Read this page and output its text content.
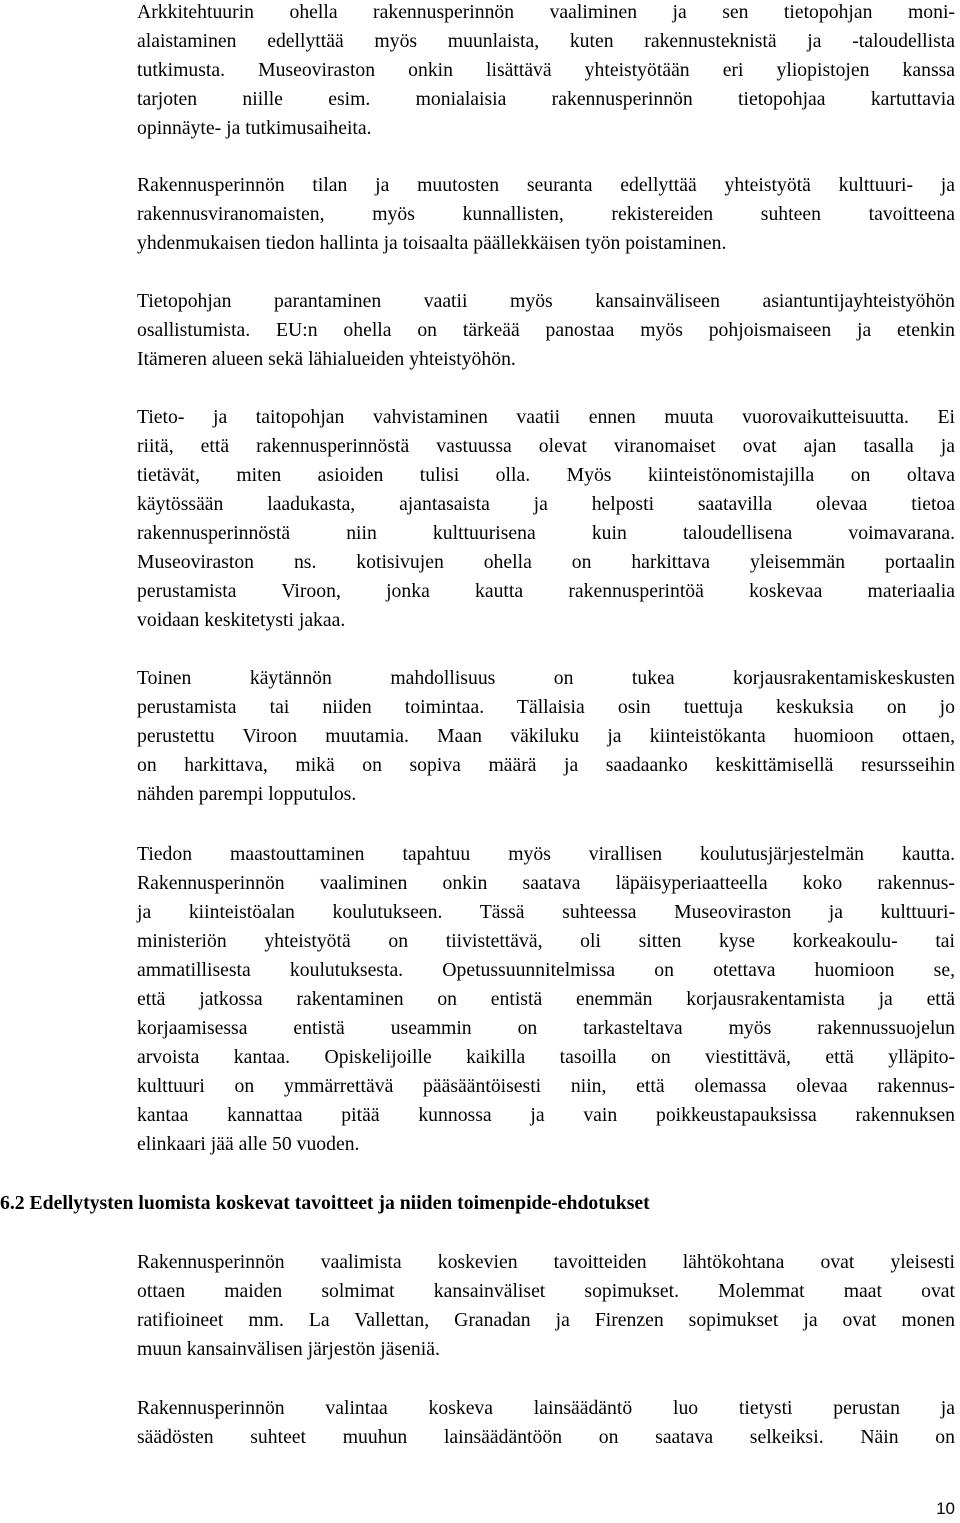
Arkkitehtuurin ohella rakennusperinnön vaaliminen ja sen tietopohjan moni-
alaistaminen edellyttää myös muunlaista, kuten rakennusteknistä ja -taloudellista
tutkimusta. Museoviraston onkin lisättävä yhteistyötään eri yliopistojen kanssa
tarjoten niille esim. monialaisia rakennusperinnön tietopohjaa kartuttavia
opinnäyte- ja tutkimusaiheita.
Rakennusperinnön tilan ja muutosten seuranta edellyttää yhteistyötä kulttuuri- ja
rakennusviranomaisten, myös kunnallisten, rekistereiden suhteen tavoitteena
yhdenmukaisen tiedon hallinta ja toisaalta päällekkäisen työn poistaminen.
Tietopohjan parantaminen vaatii myös kansainväliseen asiantuntijayhteistyöhön
osallistumista. EU:n ohella on tärkeää panostaa myös pohjoismaiseen ja etenkin
Itämeren alueen sekä lähialueiden yhteistyöhön.
Tieto- ja taitopohjan vahvistaminen vaatii ennen muuta vuorovaikutteisuutta. Ei
riitä, että rakennusperinnöstä vastuussa olevat viranomaiset ovat ajan tasalla ja
tietävät, miten asioiden tulisi olla. Myös kiinteistönomistajilla on oltava
käytössään laadukasta, ajantasaista ja helposti saatavilla olevaa tietoa
rakennusperinnöstä niin kulttuurisena kuin taloudellisena voimavarana.
Museoviraston ns. kotisivujen ohella on harkittava yleisemmän portaalin
perustamista Viroon, jonka kautta rakennusperintöä koskevaa materiaalia
voidaan keskitetysti jakaa.
Toinen käytännön mahdollisuus on tukea korjausrakentamiskeskusten
perustamista tai niiden toimintaa. Tällaisia osin tuettuja keskuksia on jo
perustettu Viroon muutamia. Maan väkiluku ja kiinteistökanta huomioon ottaen,
on harkittava, mikä on sopiva määrä ja saadaanko keskittämisellä resursseihin
nähden parempi lopputulos.
Tiedon maastouttaminen tapahtuu myös virallisen koulutusjärjestelmän kautta.
Rakennusperinnön vaaliminen onkin saatava läpäisyperiaatteella koko rakennus-
ja kiinteistöalan koulutukseen. Tässä suhteessa Museoviraston ja kulttuuri-
ministeriön yhteistyötä on tiivistettävä, oli sitten kyse korkeakoulu- tai
ammatillisesta koulutuksesta. Opetussuunnitelmissa on otettava huomioon se,
että jatkossa rakentaminen on entistä enemmän korjausrakentamista ja että
korjaamisessa entistä useammin on tarkasteltava myös rakennussuojelun
arvoista kantaa. Opiskelijoille kaikilla tasoilla on viestittävä, että ylläpito-
kulttuuri on ymmärrettävä pääsääntöisesti niin, että olemassa olevaa rakennus-
kantaa kannattaa pitää kunnossa ja vain poikkeustapauksissa rakennuksen
elinkaari jää alle 50 vuoden.
6.2 Edellytysten luomista koskevat tavoitteet ja niiden toimenpide-ehdotukset
Rakennusperinnön vaalimista koskevien tavoitteiden lähtökohtana ovat yleisesti
ottaen maiden solmimat kansainväliset sopimukset. Molemmat maat ovat
ratifioineet mm. La Vallettan, Granadan ja Firenzen sopimukset ja ovat monen
muun kansainvälisen järjestön jäseniä.
Rakennusperinnön valintaa koskeva lainsäädäntö luo tietysti perustan ja
säädösten suhteet muuhun lainsäädäntöön on saatava selkeiksi. Näin on
10
